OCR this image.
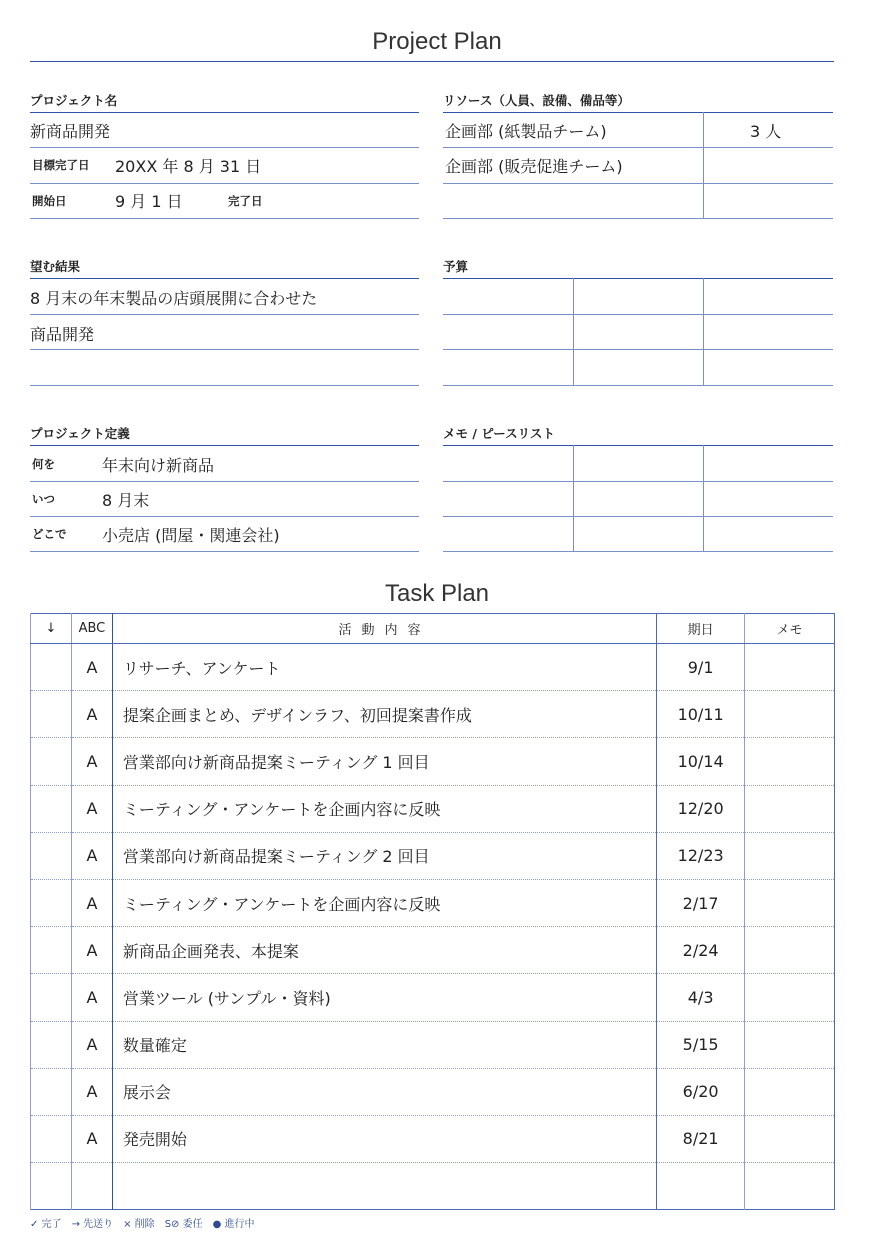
Project Plan
プロジェクト名
新商品開発
目標完了日 20XX 年 8 月 31 日
開始日	9 月 1 日	完了日
リソース（人員、設備、備品等）
企画部 (紙製品チーム)	3 人
企画部 (販売促進チーム)
望む結果
8 月末の年末製品の店頭展開に合わせた
商品開発
予算
プロジェクト定義
何を	年末向け新商品
いつ	8 月末
どこで 小売店 (問屋・関連会社)
メモ / ピースリスト
Task Plan
↓	ABC	活動内容	期日	メモ
	A	リサーチ、アンケート	9/1	
	A	提案企画まとめ、デザインラフ、初回提案書作成	10/11	
	A	営業部向け新商品提案ミーティング 1 回目	10/14	
	A	ミーティング・アンケートを企画内容に反映	12/20	
	A	営業部向け新商品提案ミーティング 2 回目	12/23	
	A	ミーティング・アンケートを企画内容に反映	2/17	
	A	新商品企画発表、本提案	2/24	
	A	営業ツール (サンプル・資料)	4/3	
	A	数量確定	5/15	
	A	展示会	6/20	
	A	発売開始	8/21	

✓ 完了 → 先送り × 削除 S⊘ 委任 ● 進行中
